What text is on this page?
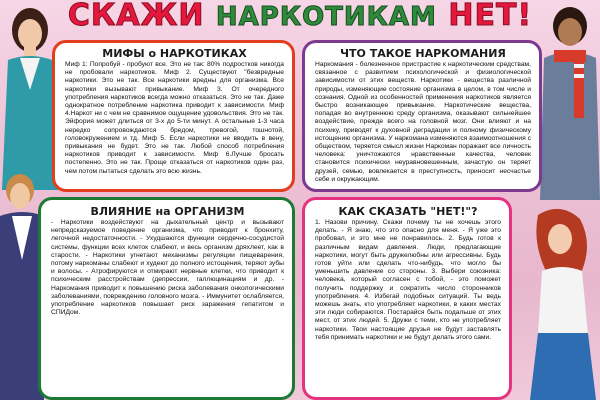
СКАЖИ НАРКОТИКАМ НЕТ!
МИФЫ о НАРКОТИКАХ

Миф 1: Попробуй - пробуют все. Это не так: 80% подростков никогда не пробовали наркотиков. Миф 2. Существуют "безвредные наркотики. Это не так. Все наркотики вредны для организма. Все наркотики вызывают привыкание. Миф 3. От очередного употребления наркотиков всегда можно отказаться. Это не так. Даже однократное потребление наркотика приводит к зависимости. Миф 4.Наркот ни с чем не сравнимое ощущение удовольствия. Это не так. Эйфория может длиться от 3-х до 5-ти минут. А остальные 1-3 часа нередко сопровождаются бредом, тревогой, тошнотой, головокружением и тд. Миф 5. Если наркотики не вводить в вену, привыкания не будет. Это не так. Любой способ потребления наркотиков приводит к зависимости. Миф 6.Лучше бросать постепенно. Это не так. Проще отказаться от наркотиков один раз, чем потом пытаться сделать это всю жизнь.

ЧТО ТАКОЕ НАРКОМАНИЯ

Наркомания - болезненное пристрастие к наркотическим средствам, связанное с развитием психологической и физиологической зависимости от этих веществ. Наркотики - вещества различной природы, изменяющие состояние организма в целом, в том числе и сознания. Одной из особенностей применения наркотиков является быстро возникающее привыкание. Наркотические вещества, попадая во внутреннюю среду организма, оказывают сильнейшее воздействие, прежде всего на головной мозг. Они влияют и на психику, приводят к духовной деградации и полному физическому истощению организма. У наркомана изменяются взаимоотношения с обществом, теряется смысл жизни Наркоман поражает все личность человека: уничтожаются нравственные качества, человек становится психически неуравновешенным, зачастую он теряет друзей, семью, вовлекается в преступность, приносит несчастье себе и окружающим.

ВЛИЯНИЕ на ОРГАНИЗМ

- Наркотики воздействуют на дыхательный центр и вызывают непредсказуемое поведение организма, что приводит к бронхиту, легочной недостаточности. - Ухудшаются функции сердечно-сосудистой системы, функции всех клеток слабеют, и весь организм дряхлеет, как в старости. - Наркотики угнетают механизмы регуляции пищеварения, потому наркоманы слабеют и худеют до полного истощения, теряют зубы и волосы. - Атрофируются и отмирают нервные клетки, что приводит к психическим расстройствам (депрессии, галлюцинациям и др. - Наркомания приводит к повышению риска заболевания онкологическими заболеваниями, повреждению головного мозга. - Иммунитет ослабляется, употребление наркотиков повышает риск заражения гепатитом и СПИДом.

КАК СКАЗАТЬ "НЕТ!"?

1. Назови причину. Скажи почему ты не хочешь этого делать. - Я знаю, что это опасно для меня. - Я уже это пробовал, и это мне не понравилось. 2. Будь готов к различным видам давления. Люди, предлагающие наркотики, могут быть дружелюбны или агрессивны. Будь готов уйти или сделать что-нибудь, что могло бы уменьшить давление со стороны. 3. Выбери союзника: человека, который согласен с тобой, - это поможет получить поддержку и сократить число сторонников употребления. 4. Избегай подобных ситуаций. Ты ведь можешь знать, кто употребляет наркотики, в каких местах эти люди собираются. Постарайся быть подальше от этих мест, от этих людей. 5. Дружи с теми, кто не употребляет наркотики. Твои настоящие друзья не будут заставлять тебя принимать наркотики и не будут делать этого сами.
